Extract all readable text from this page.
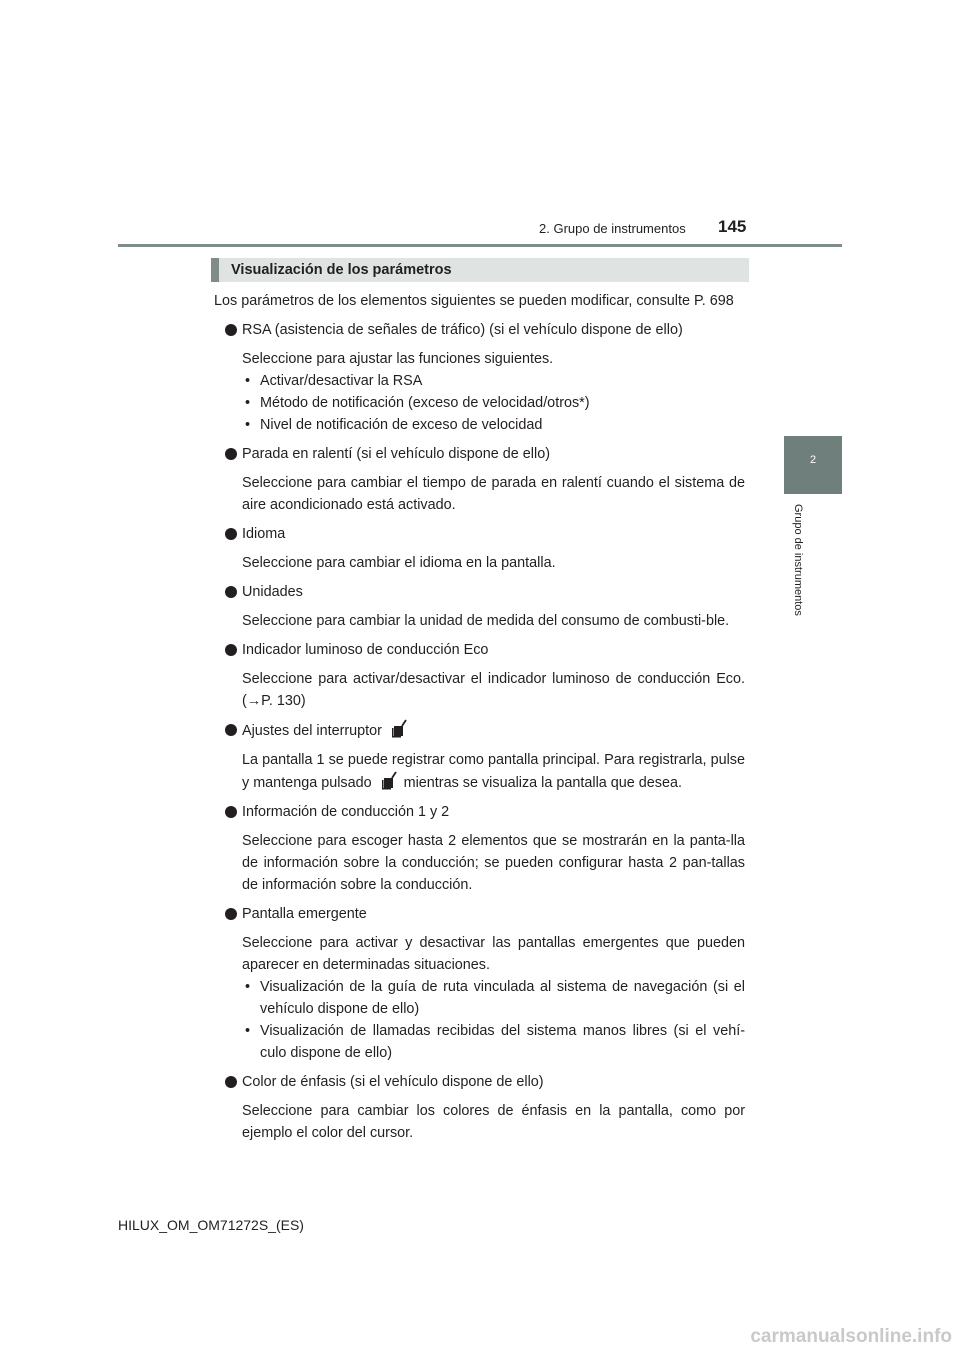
2. Grupo de instrumentos 145
2
Grupo de instrumentos
Visualización de los parámetros

Los parámetros de los elementos siguientes se pueden modificar, consulte P. 698

RSA (asistencia de señales de tráfico) (si el vehículo dispone de ello)

Seleccione para ajustar las funciones siguientes.

• Activar/desactivar la RSA

• Método de notificación (exceso de velocidad/otros*)

• Nivel de notificación de exceso de velocidad

Parada en ralentí (si el vehículo dispone de ello)

Seleccione para cambiar el tiempo de parada en ralentí cuando el sistema de aire acondicionado está activado.

Idioma

Seleccione para cambiar el idioma en la pantalla.

Unidades

Seleccione para cambiar la unidad de medida del consumo de combusti-ble.

Indicador luminoso de conducción Eco

Seleccione para activar/desactivar el indicador luminoso de conducción Eco. (→P. 130)

Ajustes del interruptor

La pantalla 1 se puede registrar como pantalla principal. Para registrarla, pulse y mantenga pulsado mientras se visualiza la pantalla que desea.

Información de conducción 1 y 2

Seleccione para escoger hasta 2 elementos que se mostrarán en la panta-lla de información sobre la conducción; se pueden configurar hasta 2 pan-tallas de información sobre la conducción.

Pantalla emergente

Seleccione para activar y desactivar las pantallas emergentes que pueden aparecer en determinadas situaciones.

• Visualización de la guía de ruta vinculada al sistema de navegación (si el vehículo dispone de ello)

• Visualización de llamadas recibidas del sistema manos libres (si el vehí-culo dispone de ello)

Color de énfasis (si el vehículo dispone de ello)

Seleccione para cambiar los colores de énfasis en la pantalla, como por ejemplo el color del cursor.

HILUX_OM_OM71272S_(ES)
carmanualsonline.info
